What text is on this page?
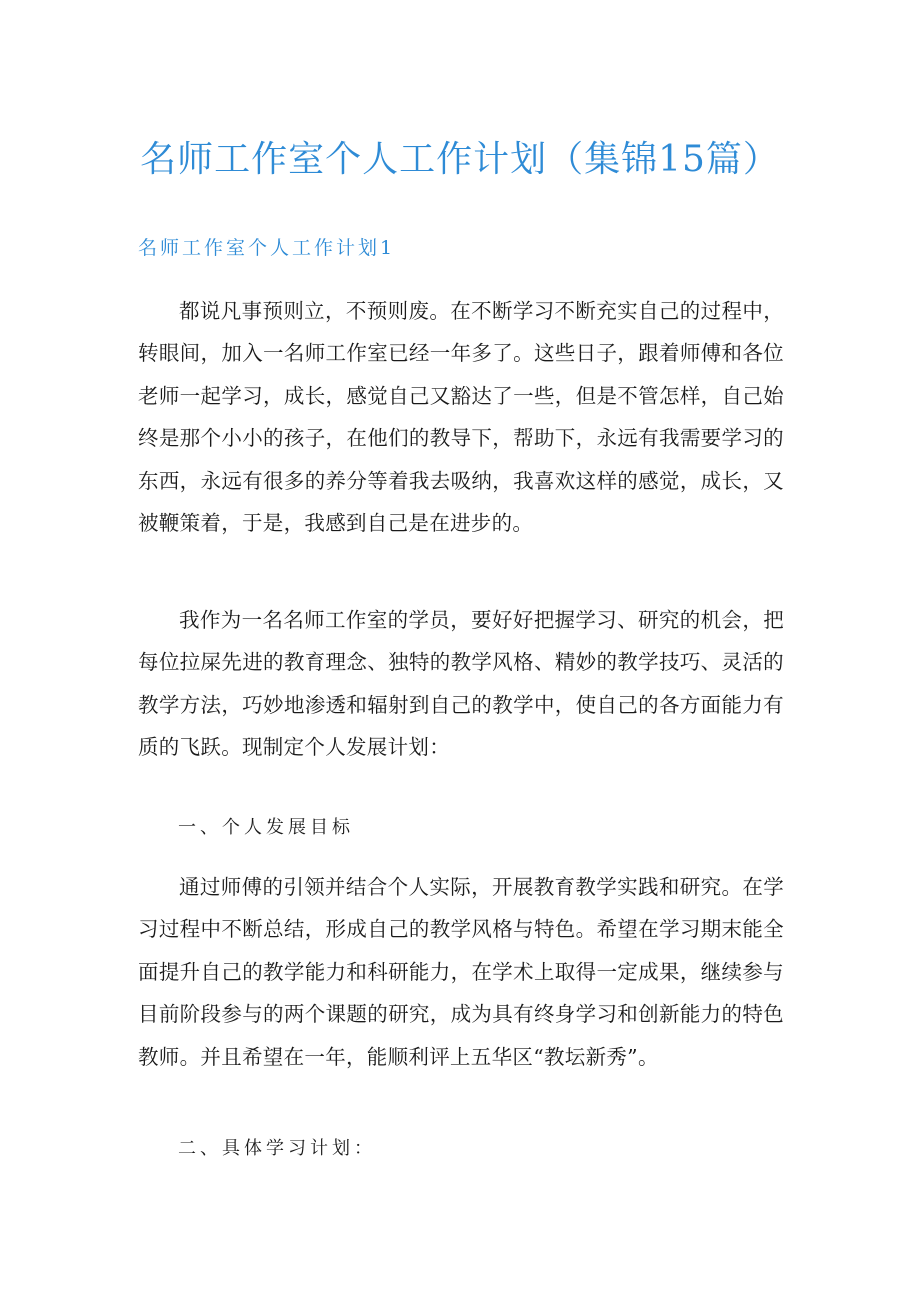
名师工作室个人工作计划（集锦15篇）
名师工作室个人工作计划1

都说凡事预则立，不预则废。在不断学习不断充实自己的过程中，转眼间，加入一名师工作室已经一年多了。这些日子，跟着师傅和各位老师一起学习，成长，感觉自己又豁达了一些，但是不管怎样，自己始终是那个小小的孩子，在他们的教导下，帮助下，永远有我需要学习的东西，永远有很多的养分等着我去吸纳，我喜欢这样的感觉，成长，又被鞭策着，于是，我感到自己是在进步的。

我作为一名名师工作室的学员，要好好把握学习、研究的机会，把每位拉屎先进的教育理念、独特的教学风格、精妙的教学技巧、灵活的教学方法，巧妙地渗透和辐射到自己的教学中，使自己的各方面能力有质的飞跃。现制定个人发展计划：

一、个人发展目标

通过师傅的引领并结合个人实际，开展教育教学实践和研究。在学习过程中不断总结，形成自己的教学风格与特色。希望在学习期末能全面提升自己的教学能力和科研能力，在学术上取得一定成果，继续参与目前阶段参与的两个课题的研究，成为具有终身学习和创新能力的特色教师。并且希望在一年，能顺利评上五华区“教坛新秀”。

二、具体学习计划：
